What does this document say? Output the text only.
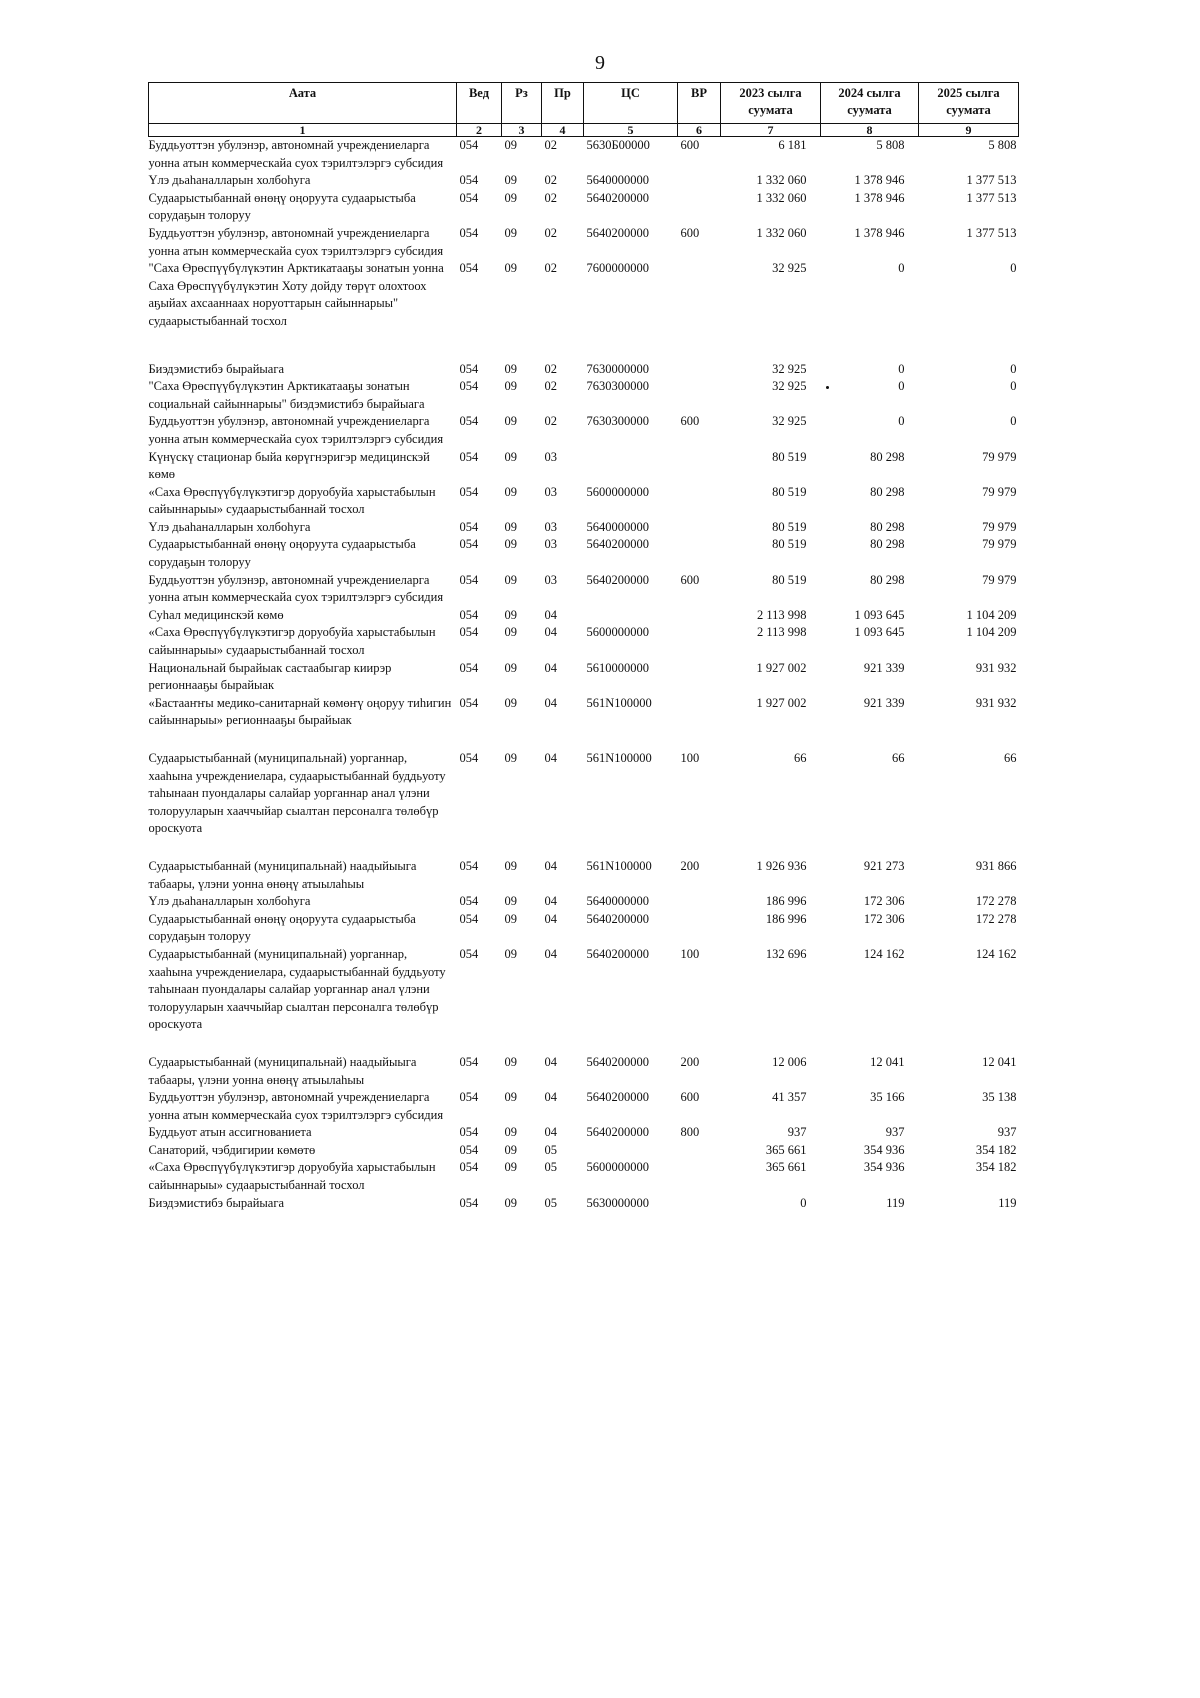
9
Аата	Вед	Рз	Пр	ЦС	ВР	2023 сылга суумата	2024 сылга суумата	2025 сылга суумата
1	2	3	4	5	6	7	8	9
Буддьуоттэн убулэнэр, автономнай учреждениеларга уонна атын коммерческайа суох тэрилтэлэргэ субсидия	054	09	02	5630Б00000	600	6 181	5 808	5 808
Үлэ дьаhаналларын холбоhуга	054	09	02	5640000000		1 332 060	1 378 946	1 377 513
Судаарыстыбаннай өнөңү оңоруута судаарыстыба сорудаҕын толоруу	054	09	02	5640200000		1 332 060	1 378 946	1 377 513
Буддьуоттэн убулэнэр, автономнай учреждениеларга уонна атын коммерческайа суох тэрилтэлэргэ субсидия	054	09	02	5640200000	600	1 332 060	1 378 946	1 377 513
"Саха Өрөспүүбүлүкэтин Арктикатааҕы зонатын уонна Саха Өрөспүүбүлүкэтин Хоту дойду төрүт олохтоох аҕыйах ахсааннаах норуоттарын сайыннарыы" судаарыстыбаннай тосхол	054	09	02	7600000000		32 925	0	0
Биэдэмистибэ бырайыага	054	09	02	7630000000		32 925	0	0
"Саха Өрөспүүбүлүкэтин Арктикатааҕы зонатын социальнай сайыннарыы" биэдэмистибэ бырайыага	054	09	02	7630300000		32 925	0	0
Буддьуоттэн убулэнэр, автономнай учреждениеларга уонна атын коммерческайа суох тэрилтэлэргэ субсидия	054	09	02	7630300000	600	32 925	0	0
Күнүскү стационар быйа көрүгнэригэр медицинскэй көмө	054	09	03			80 519	80 298	79 979
«Саха Өрөспүүбүлүкэтигэр доруобуйа харыстабылын сайыннарыы» судаарыстыбаннай тосхол	054	09	03	5600000000		80 519	80 298	79 979
Үлэ дьаhаналларын холбоhуга	054	09	03	5640000000		80 519	80 298	79 979
Судаарыстыбаннай өнөңү оңоруута судаарыстыба сорудаҕын толоруу	054	09	03	5640200000		80 519	80 298	79 979
Буддьуоттэн убулэнэр, автономнай учреждениеларга уонна атын коммерческайа суох тэрилтэлэргэ субсидия	054	09	03	5640200000	600	80 519	80 298	79 979
Суhал медицинскэй көмө	054	09	04			2 113 998	1 093 645	1 104 209
«Саха Өрөспүүбүлүкэтигэр доруобуйа харыстабылын сайыннарыы» судаарыстыбаннай тосхол	054	09	04	5600000000		2 113 998	1 093 645	1 104 209
Национальнай бырайыак састаабыгар киирэр регионнааҕы бырайыак	054	09	04	5610000000		1 927 002	921 339	931 932
«Бастааҥҥы медико-санитарнай көмөҥү оңоруу тиһигин сайыннарыы» регионнааҕы бырайыак	054	09	04	561N100000		1 927 002	921 339	931 932
Судаарыстыбаннай (муниципальнай) уорганнар, хааhына учреждениелара, судаарыстыбаннай буддьуоту таhынаан пуондалары салайар уорганнар анал үлэни толорууларын хааччыйар сыалтан персоналга төлөбүр ороскуота	054	09	04	561N100000	100	66	66	66
Судаарыстыбаннай (муниципальнай) наадыйыыга табаары, үлэни уонна өнөңү атыылаhыы	054	09	04	561N100000	200	1 926 936	921 273	931 866
Үлэ дьаhаналларын холбоhуга	054	09	04	5640000000		186 996	172 306	172 278
Судаарыстыбаннай өнөңү оңоруута судаарыстыба сорудаҕын толоруу	054	09	04	5640200000		186 996	172 306	172 278
Судаарыстыбаннай (муниципальнай) уорганнар, хааhына учреждениелара, судаарыстыбаннай буддьуоту таhынаан пуондалары салайар уорганнар анал үлэни толорууларын хааччыйар сыалтан персоналга төлөбүр ороскуота	054	09	04	5640200000	100	132 696	124 162	124 162
Судаарыстыбаннай (муниципальнай) наадыйыыга табаары, үлэни уонна өнөңү атыылаhыы	054	09	04	5640200000	200	12 006	12 041	12 041
Буддьуоттэн убулэнэр, автономнай учреждениеларга уонна атын коммерческайа суох тэрилтэлэргэ субсидия	054	09	04	5640200000	600	41 357	35 166	35 138
Буддьуот атын ассигнованиета	054	09	04	5640200000	800	937	937	937
Санаторий, чэбдигирии көмөтө	054	09	05			365 661	354 936	354 182
«Саха Өрөспүүбүлүкэтигэр доруобуйа харыстабылын сайыннарыы» судаарыстыбаннай тосхол	054	09	05	5600000000		365 661	354 936	354 182
Биэдэмистибэ бырайыага	054	09	05	5630000000		0	119	119
